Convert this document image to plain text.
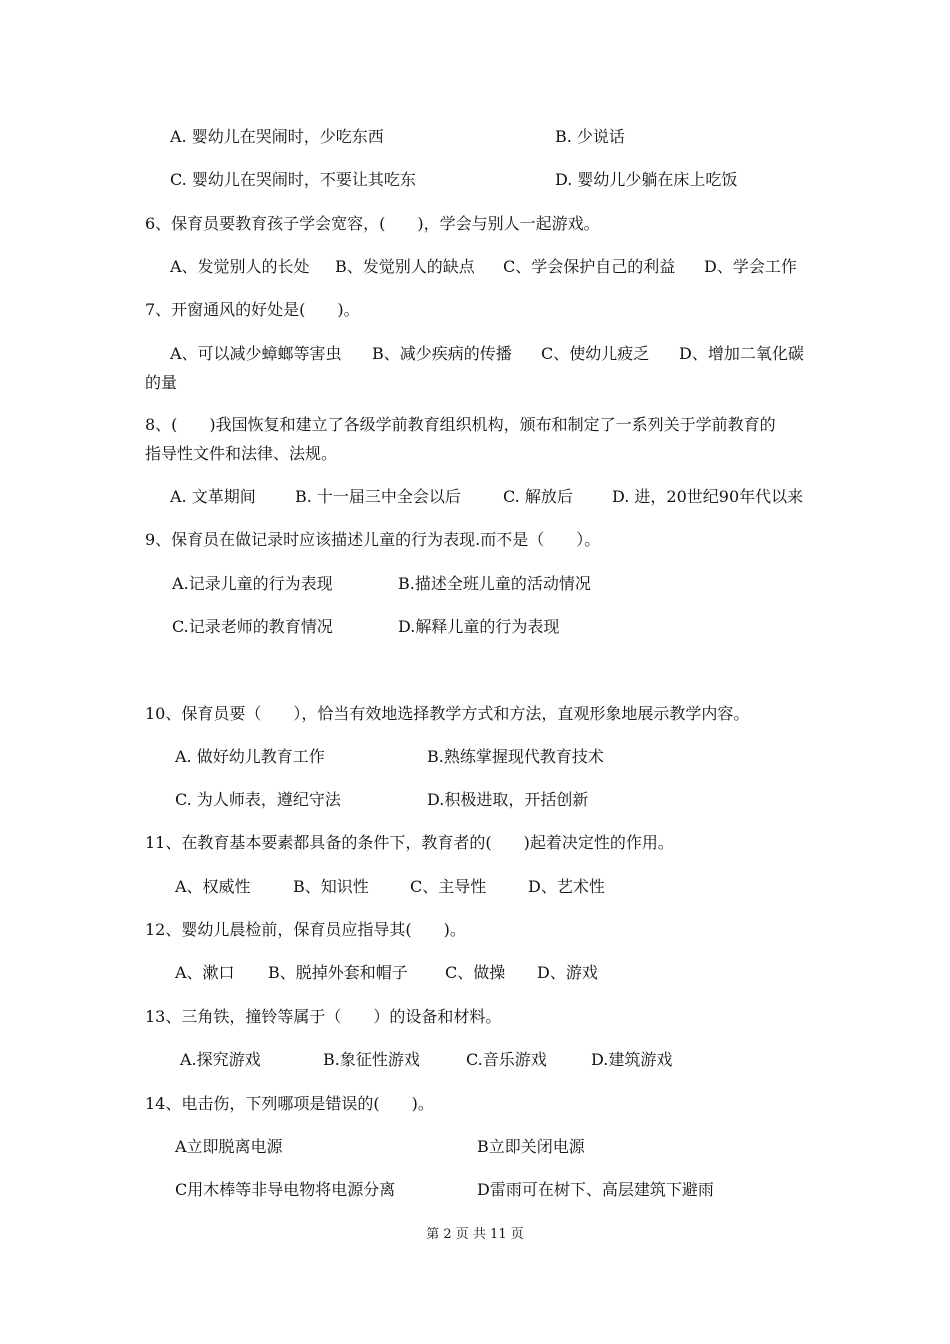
A. 婴幼儿在哭闹时，少吃东西	B. 少说话
C. 婴幼儿在哭闹时，不要让其吃东	D. 婴幼儿少躺在床上吃饭
6、保育员要教育孩子学会宽容，(　　)，学会与别人一起游戏。
A、发觉别人的长处 B、发觉别人的缺点 C、学会保护自己的利益 D、学会工作
7、开窗通风的好处是(　　)。
A、可以减少蟑螂等害虫 B、减少疾病的传播 C、使幼儿疲乏 D、增加二氧化碳
的量
8、(　　)我国恢复和建立了各级学前教育组织机构，颁布和制定了一系列关于学前教育的
指导性文件和法律、法规。
A. 文革期间 B. 十一届三中全会以后	C. 解放后 D. 进，20世纪90年代以来
9、保育员在做记录时应该描述儿童的行为表现.而不是（　　）。
A.记录儿童的行为表现	B.描述全班儿童的活动情况
C.记录老师的教育情况	D.解释儿童的行为表现
10、保育员要（　　），恰当有效地选择教学方式和方法，直观形象地展示教学内容。
A. 做好幼儿教育工作	B.熟练掌握现代教育技术
C. 为人师表，遵纪守法	D.积极进取，开括创新
11、在教育基本要素都具备的条件下，教育者的(　　)起着决定性的作用。
A、权威性	B、知识性	C、主导性	D、艺术性
12、婴幼儿晨检前，保育员应指导其(　　)。
A、漱口 B、脱掉外套和帽子 C、做操 D、游戏
13、三角铁，撞铃等属于（　　）的设备和材料。
A.探究游戏	B.象征性游戏	C.音乐游戏	D.建筑游戏
14、电击伤，下列哪项是错误的(　　)。
A立即脱离电源	B立即关闭电源
C用木棒等非导电物将电源分离	D雷雨可在树下、高层建筑下避雨
第 2 页 共 11 页
